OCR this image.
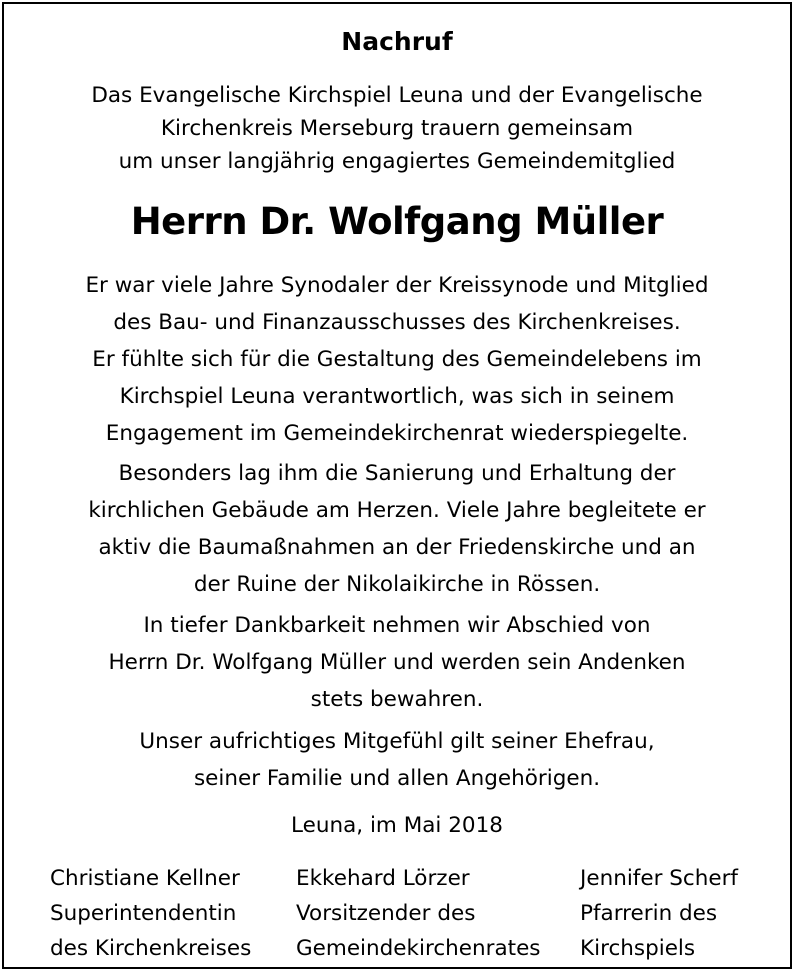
Nachruf
Das Evangelische Kirchspiel Leuna und der Evangelische
Kirchenkreis Merseburg trauern gemeinsam
um unser langjährig engagiertes Gemeindemitglied
Herrn Dr. Wolfgang Müller
Er war viele Jahre Synodaler der Kreissynode und Mitglied
des Bau- und Finanzausschusses des Kirchenkreises.
Er fühlte sich für die Gestaltung des Gemeindelebens im
Kirchspiel Leuna verantwortlich, was sich in seinem
Engagement im Gemeindekirchenrat wiederspiegelte.
Besonders lag ihm die Sanierung und Erhaltung der
kirchlichen Gebäude am Herzen. Viele Jahre begleitete er
aktiv die Baumaßnahmen an der Friedenskirche und an
der Ruine der Nikolaikirche in Rössen.
In tiefer Dankbarkeit nehmen wir Abschied von
Herrn Dr. Wolfgang Müller und werden sein Andenken
stets bewahren.
Unser aufrichtiges Mitgefühl gilt seiner Ehefrau,
seiner Familie und allen Angehörigen.
Leuna, im Mai 2018
Christiane Kellner
Superintendentin
des Kirchenkreises
Ekkehard Lörzer
Vorsitzender des
Gemeindekirchenrates
Jennifer Scherf
Pfarrerin des
Kirchspiels
